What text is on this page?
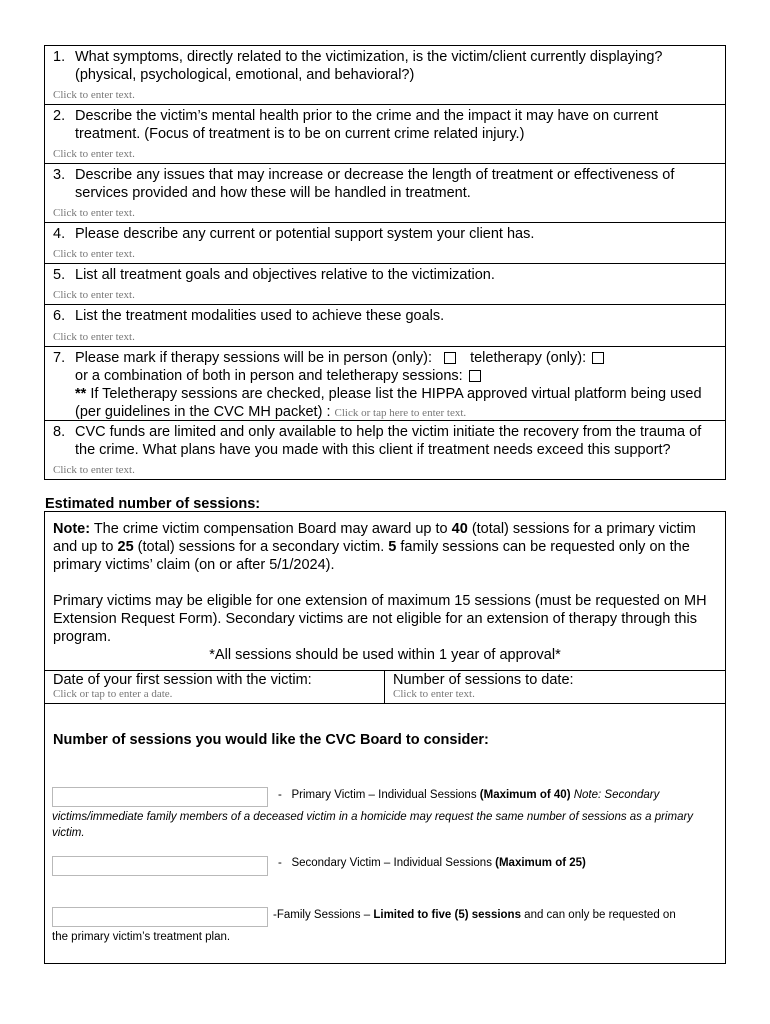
1. What symptoms, directly related to the victimization, is the victim/client currently displaying? (physical, psychological, emotional, and behavioral?)
Click to enter text.
2. Describe the victim’s mental health prior to the crime and the impact it may have on current treatment. (Focus of treatment is to be on current crime related injury.)
Click to enter text.
3. Describe any issues that may increase or decrease the length of treatment or effectiveness of services provided and how these will be handled in treatment.
Click to enter text.
4. Please describe any current or potential support system your client has.
Click to enter text.
5. List all treatment goals and objectives relative to the victimization.
Click to enter text.
6. List the treatment modalities used to achieve these goals.
Click to enter text.
7. Please mark if therapy sessions will be in person (only):	teletherapy (only):
or a combination of both in person and teletherapy sessions:
** If Teletherapy sessions are checked, please list the HIPPA approved virtual platform being used (per guidelines in the CVC MH packet) : Click or tap here to enter text.
8. CVC funds are limited and only available to help the victim initiate the recovery from the trauma of the crime. What plans have you made with this client if treatment needs exceed this support?
Click to enter text.
Estimated number of sessions:
Note: The crime victim compensation Board may award up to 40 (total) sessions for a primary victim and up to 25 (total) sessions for a secondary victim. 5 family sessions can be requested only on the primary victims’ claim (on or after 5/1/2024).
Primary victims may be eligible for one extension of maximum 15 sessions (must be requested on MH Extension Request Form). Secondary victims are not eligible for an extension of therapy through this program.
*All sessions should be used within 1 year of approval*
Date of your first session with the victim:
Click or tap to enter a date.
Number of sessions to date:
Click to enter text.
Number of sessions you would like the CVC Board to consider:
- Primary Victim – Individual Sessions (Maximum of 40) Note: Secondary
victims/immediate family members of a deceased victim in a homicide may request the same number of sessions as a primary victim.
- Secondary Victim – Individual Sessions (Maximum of 25)
-Family Sessions – Limited to five (5) sessions and can only be requested on
the primary victim’s treatment plan.
